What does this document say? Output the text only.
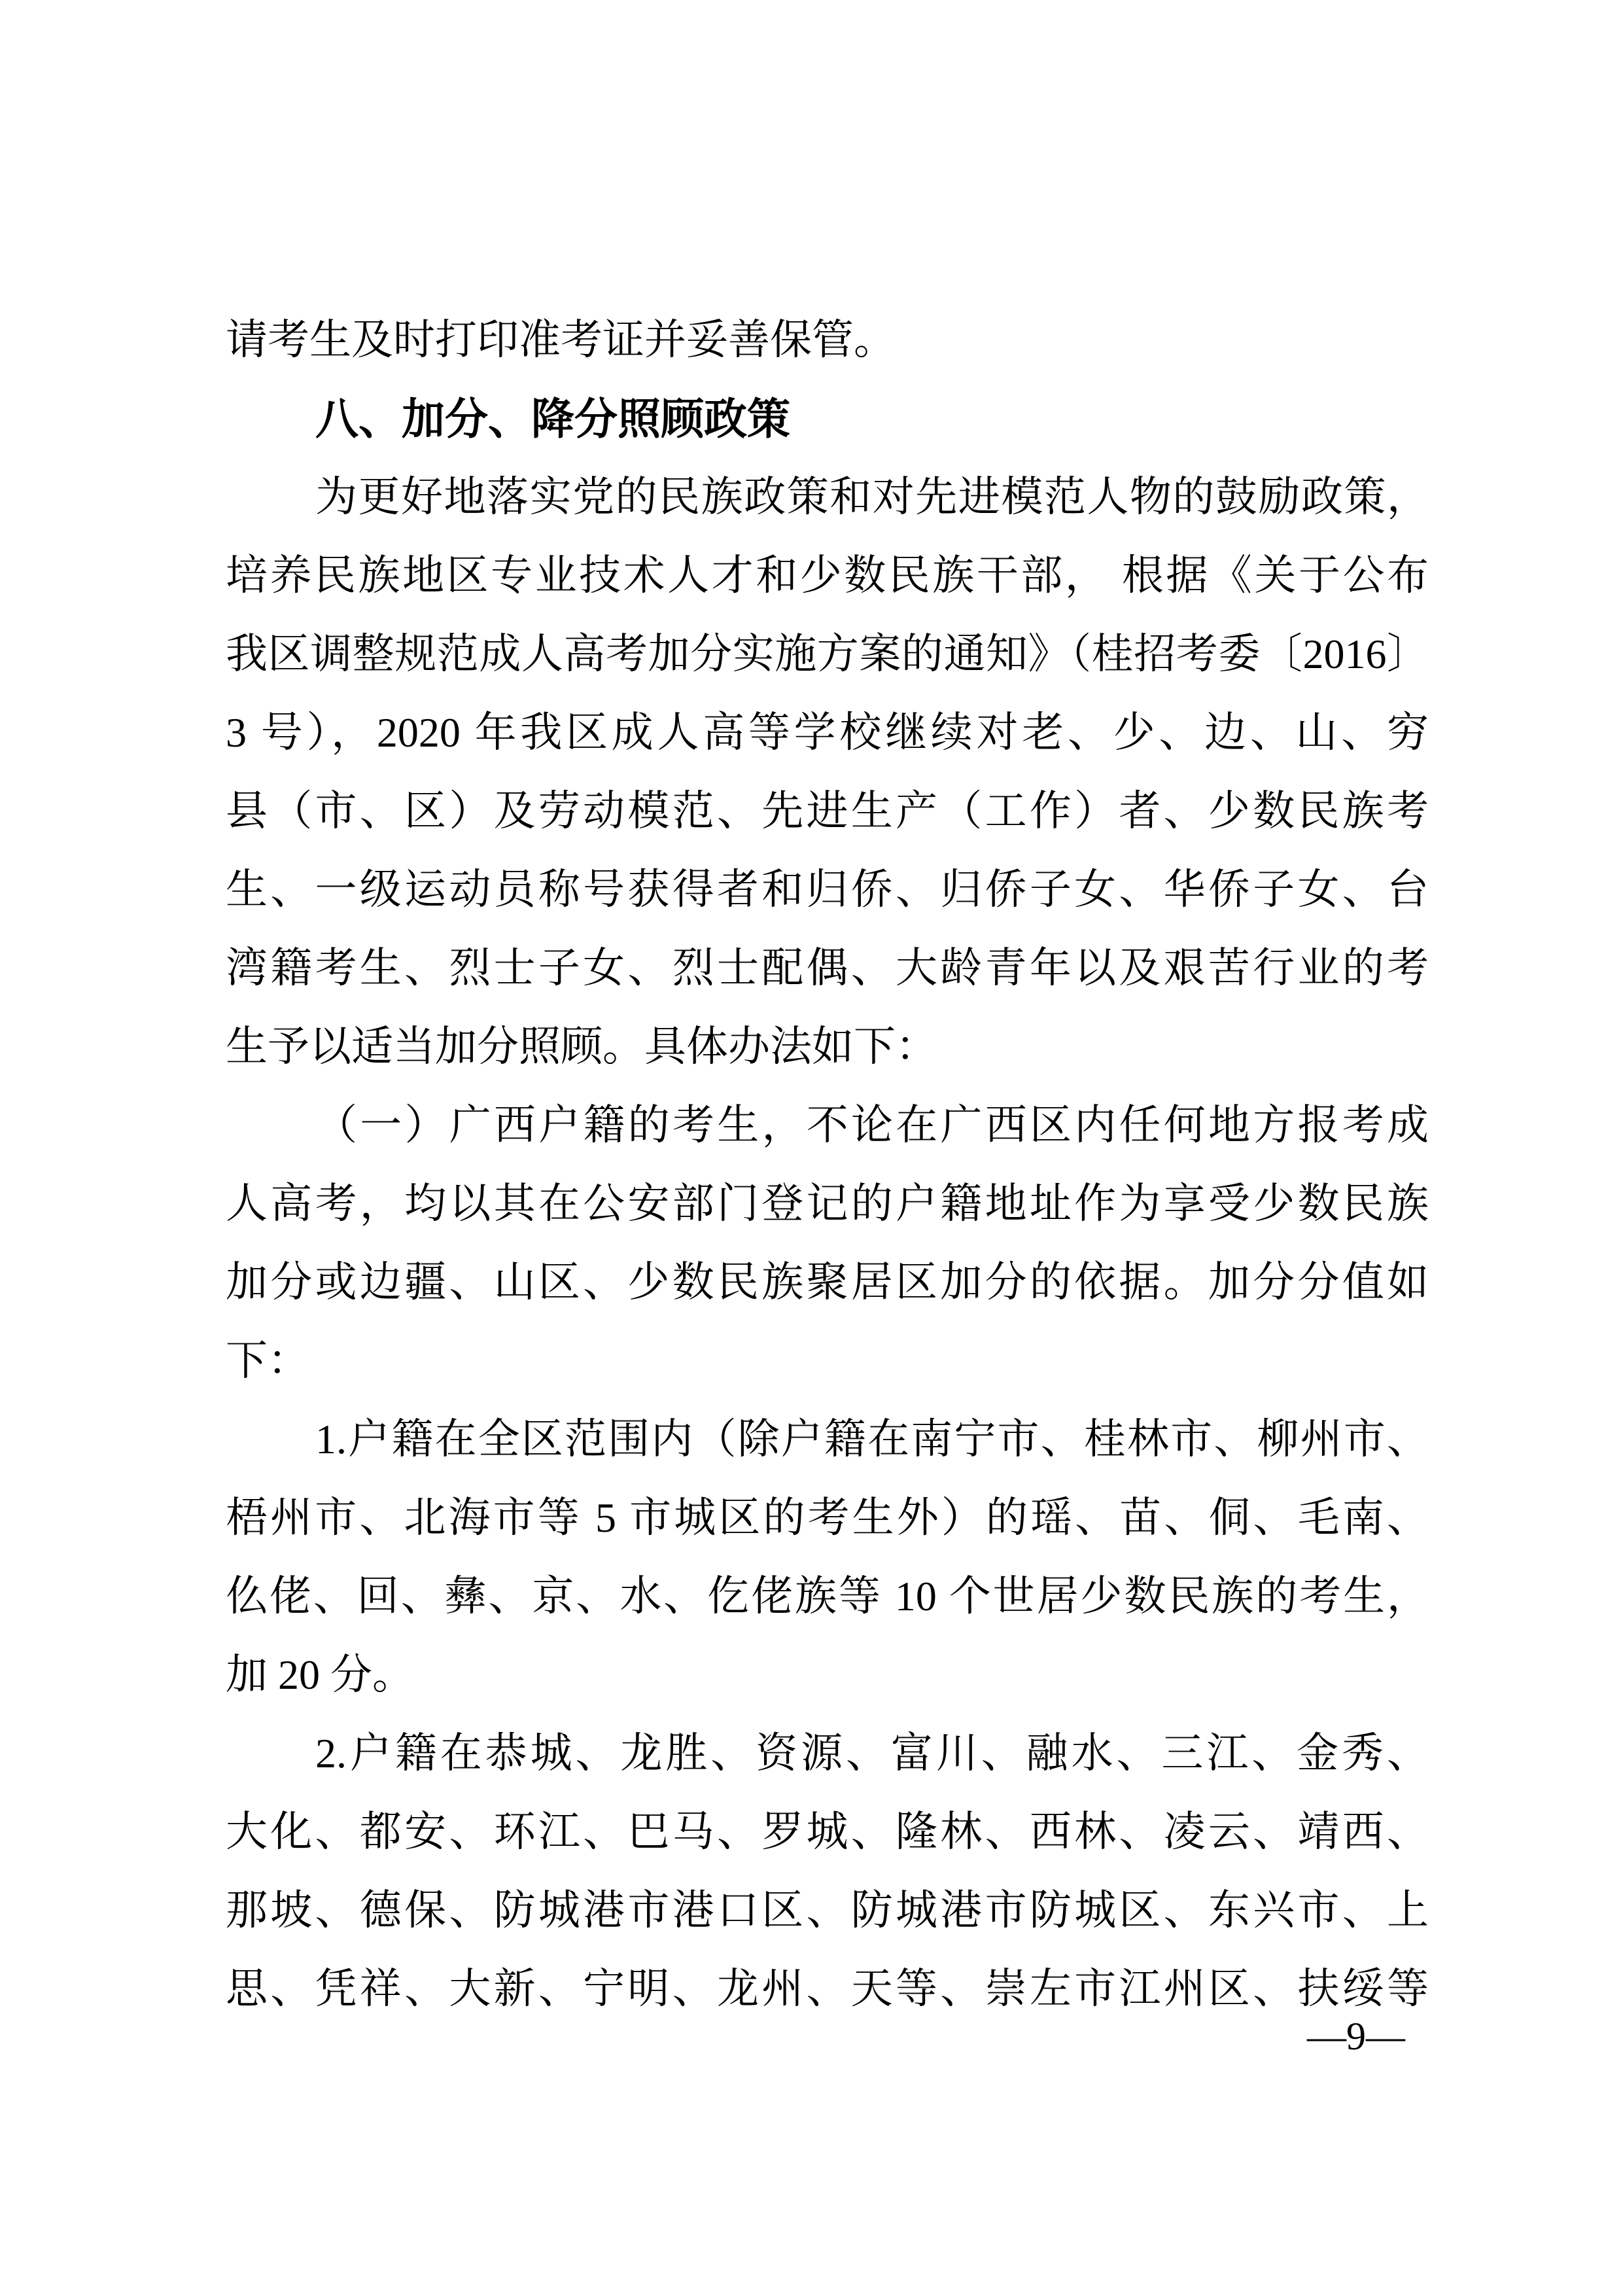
请考生及时打印准考证并妥善保管。
八、加分、降分照顾政策
为更好地落实党的民族政策和对先进模范人物的鼓励政策，
培养民族地区专业技术人才和少数民族干部， 根据《关于公布
我区调整规范成人高考加分实施方案的通知》（桂招考委〔2016〕
3 号），2020 年我区成人高等学校继续对老、少、边、山、穷
县（市、区）及劳动模范、先进生产（工作）者、少数民族考
生、一级运动员称号获得者和归侨、归侨子女、华侨子女、台
湾籍考生、烈士子女、烈士配偶、大龄青年以及艰苦行业的考
生予以适当加分照顾。具体办法如下：
（一）广西户籍的考生，不论在广西区内任何地方报考成
人高考，均以其在公安部门登记的户籍地址作为享受少数民族
加分或边疆、山区、少数民族聚居区加分的依据。加分分值如
下：
1.户籍在全区范围内（除户籍在南宁市、桂林市、柳州市、
梧州市、北海市等 5 市城区的考生外）的瑶、苗、侗、毛南、
仫佬、回、彝、京、水、仡佬族等 10 个世居少数民族的考生，
加 20 分。
2.户籍在恭城、龙胜、资源、富川、融水、三江、金秀、
大化、都安、环江、巴马、罗城、隆林、西林、凌云、靖西、
那坡、德保、防城港市港口区、防城港市防城区、东兴市、上
思、凭祥、大新、宁明、龙州、天等、崇左市江州区、扶绥等
—9—
